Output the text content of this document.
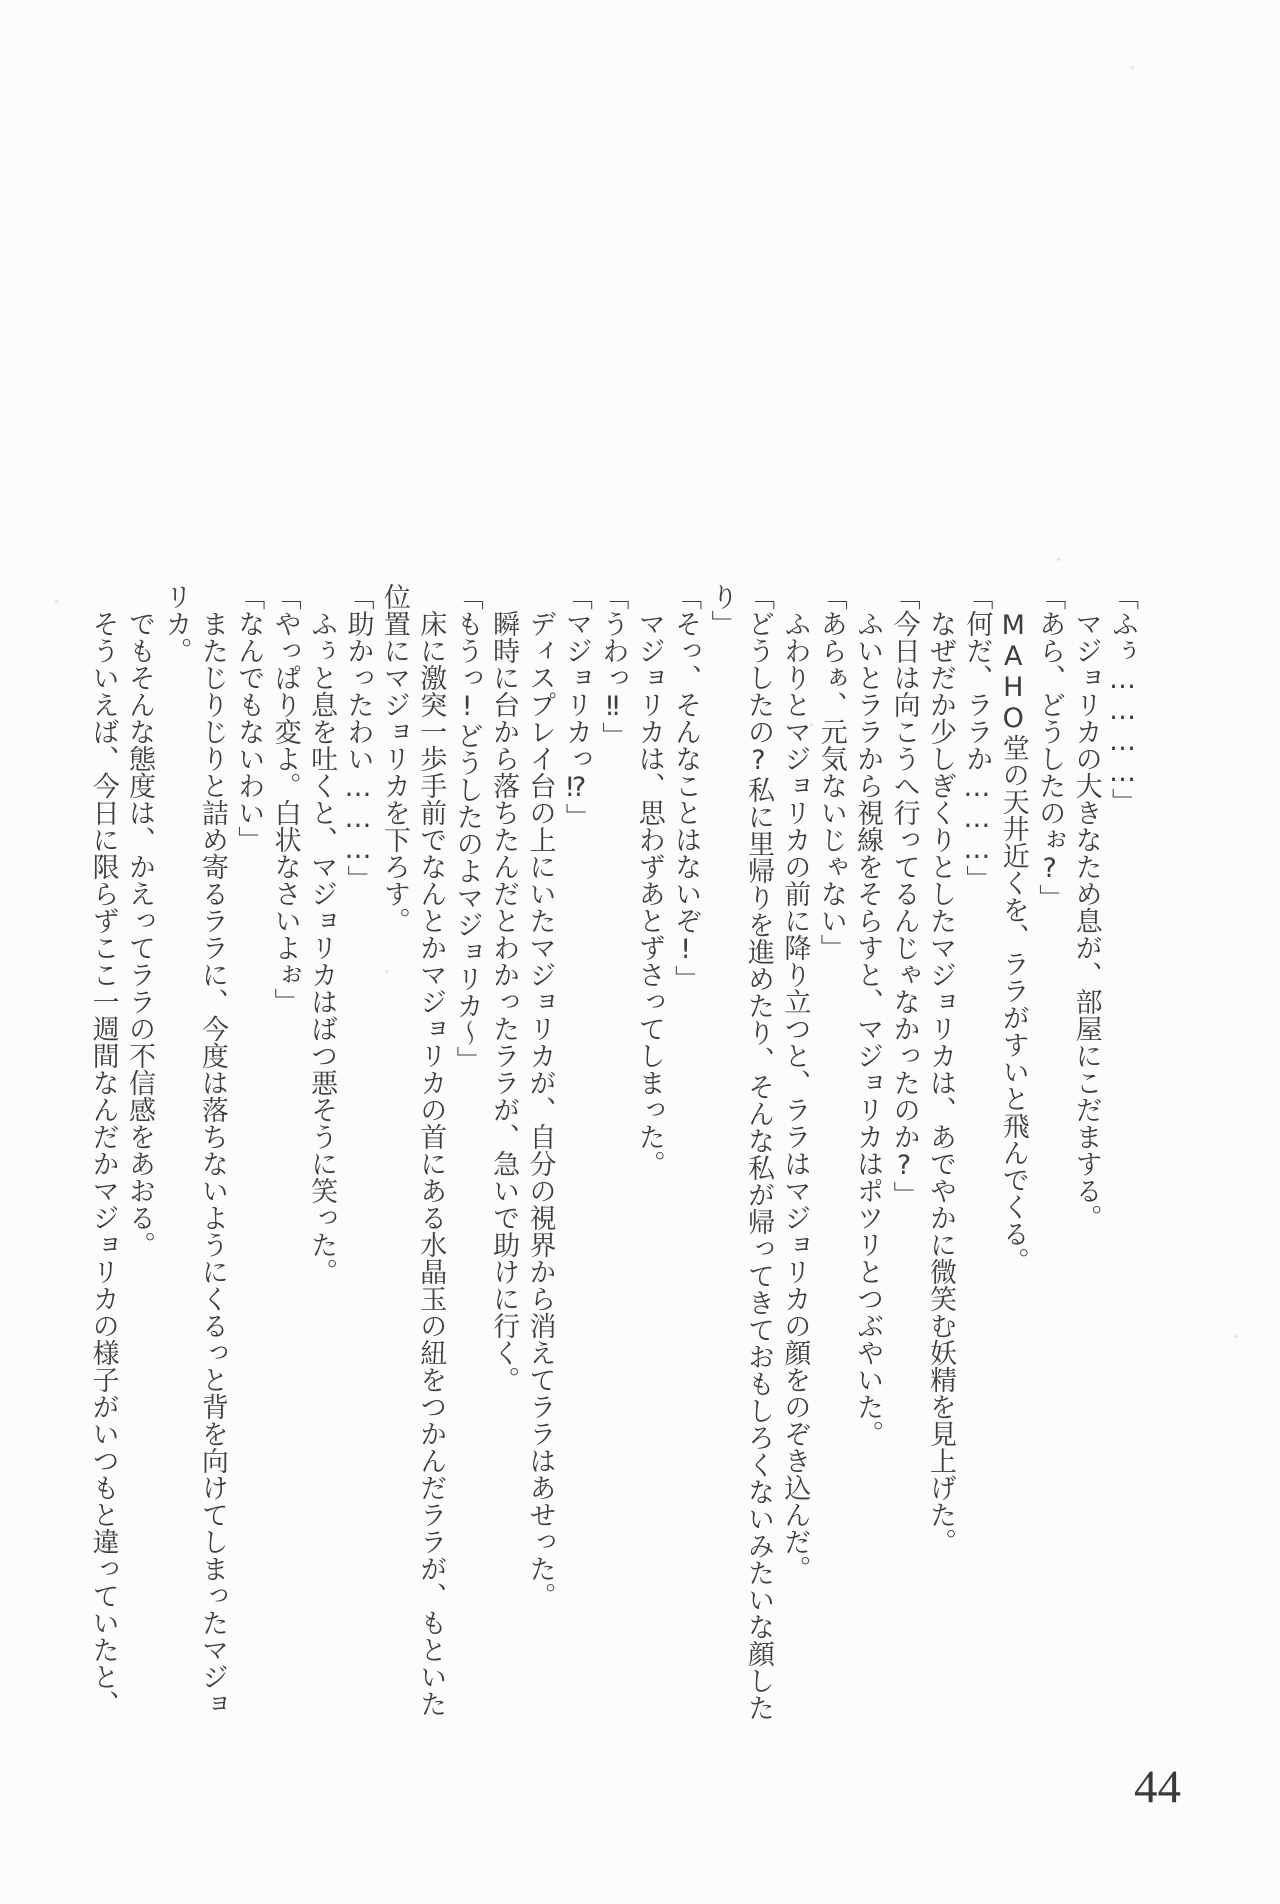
「ふぅ…………」

マジョリカの大きなため息が、部屋にこだまする。

「あら、どうしたのぉ?」

MAHO堂の天井近くを、ララがすいと飛んでくる。

「何だ、ララか………」

なぜだか少しぎくりとしたマジョリカは、あでやかに微笑む妖精を見上げた。

「今日は向こうへ行ってるんじゃなかったのか?」

ふいとララから視線をそらすと、マジョリカはポツリとつぶやいた。

「あらぁ、元気ないじゃない」

ふわりとマジョリカの前に降り立つと、ララはマジョリカの顔をのぞき込んだ。

「どうしたの?私に里帰りを進めたり、そんな私が帰ってきておもしろくないみたいな顔したり」

「そっ、そんなことはないぞ!」

マジョリカは、思わずあとずさってしまった。

「うわっ‼」

「マジョリカっ⁉」

ディスプレイ台の上にいたマジョリカが、自分の視界から消えてララはあせった。

瞬時に台から落ちたんだとわかったララが、急いで助けに行く。

「もうっ!どうしたのよマジョリカ〜」

床に激突一歩手前でなんとかマジョリカの首にある水晶玉の紐をつかんだララが、もといた位置にマジョリカを下ろす。

「助かったわい………」

ふぅと息を吐くと、マジョリカはばつ悪そうに笑った。

「やっぱり変よ。白状なさいよぉ」

「なんでもないわい」

またじりじりと詰め寄るララに、今度は落ちないようにくるっと背を向けてしまったマジョリカ。

でもそんな態度は、かえってララの不信感をあおる。

そういえば、今日に限らずここ一週間なんだかマジョリカの様子がいつもと違っていたと、

44
